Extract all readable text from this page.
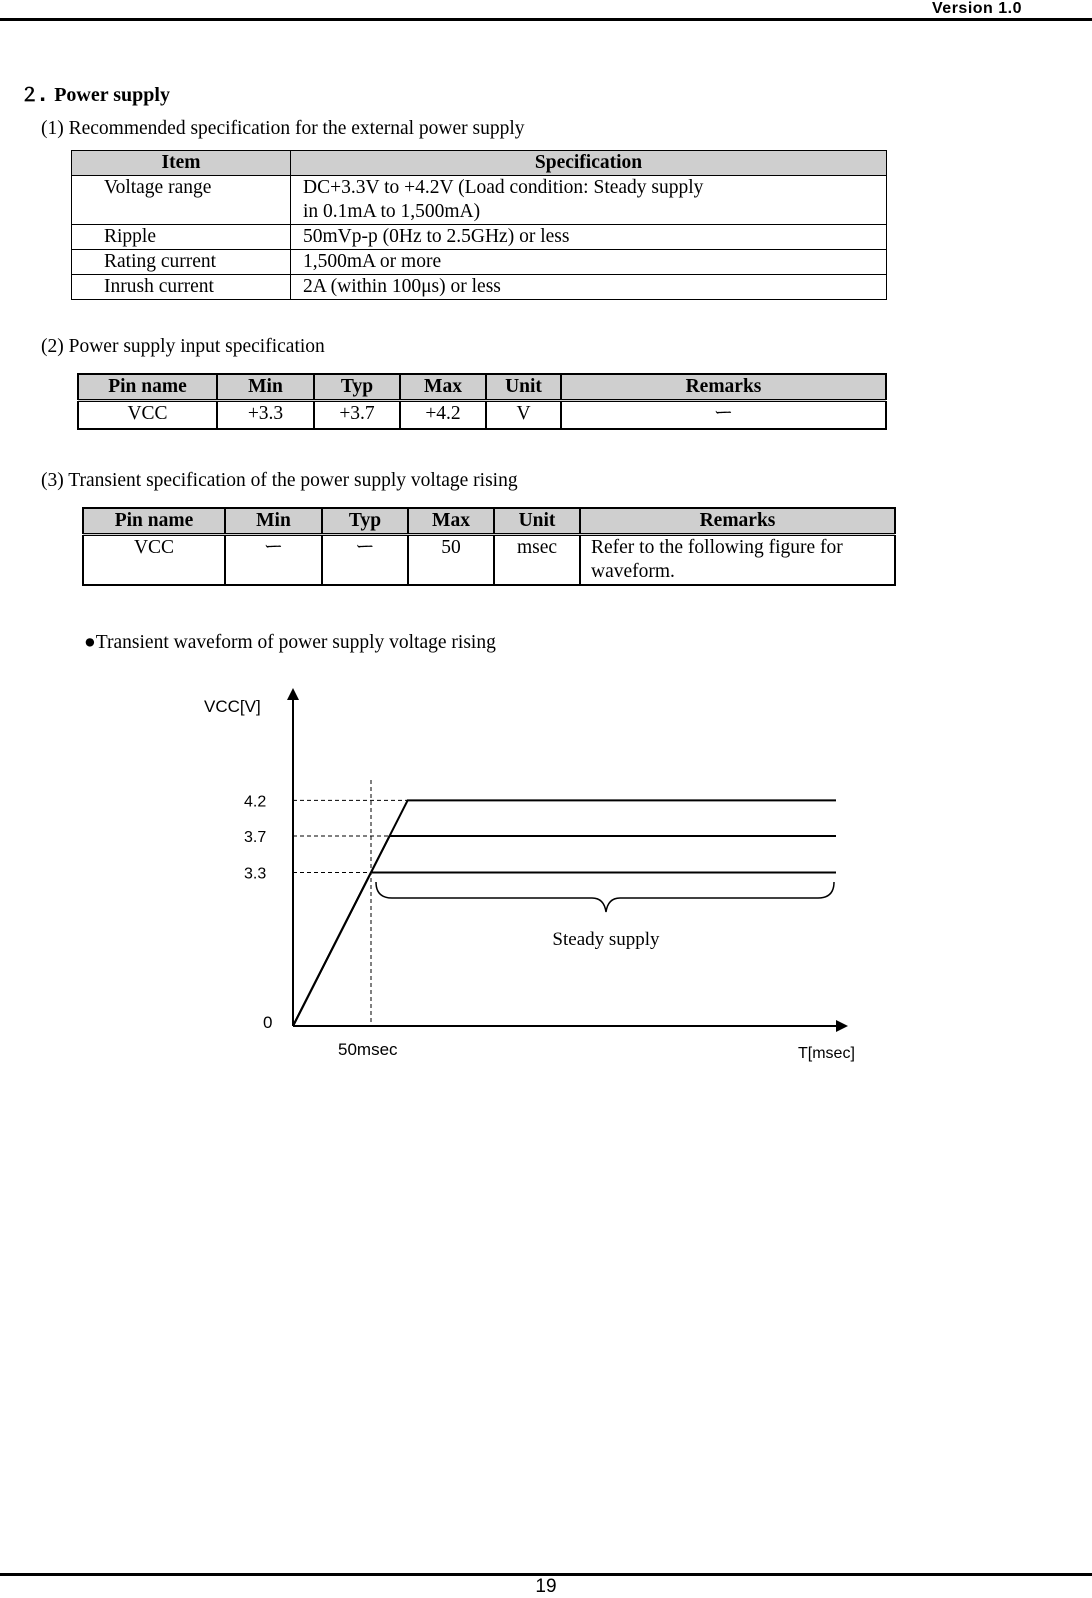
Version 1.0
２. Power supply
(1) Recommended specification for the external power supply
Item	Specification
Voltage range	DC+3.3V to +4.2V (Load condition: Steady supply
in 0.1mA to 1,500mA)

Ripple	50mVp-p (0Hz to 2.5GHz) or less
Rating current	1,500mA or more
Inrush current	2A (within 100μs) or less
(2) Power supply input specification
Pin name	Min	Typ	Max	Unit	Remarks
VCC	+3.3	+3.7	+4.2	V	ー
(3) Transient specification of the power supply voltage rising
Pin name	Min	Typ	Max	Unit	Remarks
VCC	ー	ー	50	msec	Refer to the following figure for waveform.
●Transient waveform of power supply voltage rising
VCC[V]
T[msec]
0
50msec
4.2
3.7
3.3
Steady supply
19
